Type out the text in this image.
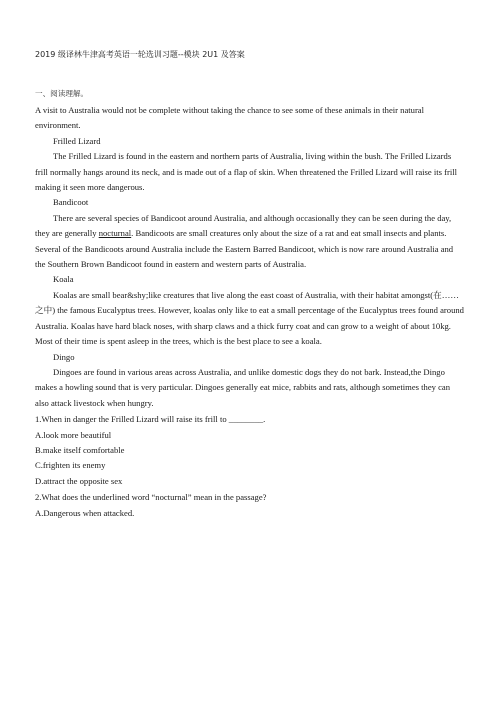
2019 级译林牛津高考英语一轮选训习题--模块 2U1 及答案
一、阅读理解。

A visit to Australia would not be complete without taking the chance to see some of these animals in their natural environment.

Frilled Lizard

The Frilled Lizard is found in the eastern and northern parts of Australia, living within the bush. The Frilled Lizards frill normally hangs around its neck, and is made out of a flap of skin. When threatened the Frilled Lizard will raise its frill making it seen more dangerous.

Bandicoot

There are several species of Bandicoot around Australia, and although occasionally they can be seen during the day, they are generally nocturnal. Bandicoots are small creatures only about the size of a rat and eat small insects and plants. Several of the Bandicoots around Australia include the Eastern Barred Bandicoot, which is now rare around Australia and the Southern Brown Bandicoot found in eastern and western parts of Australia.

Koala

Koalas are small bear&shy;like creatures that live along the east coast of Australia, with their habitat amongst(在……之中) the famous Eucalyptus trees. However, koalas only like to eat a small percentage of the Eucalyptus trees found around Australia. Koalas have hard black noses, with sharp claws and a thick furry coat and can grow to a weight of about 10kg. Most of their time is spent asleep in the trees, which is the best place to see a koala.

Dingo

Dingoes are found in various areas across Australia, and unlike domestic dogs they do not bark. Instead,the Dingo makes a howling sound that is very particular. Dingoes generally eat mice, rabbits and rats, although sometimes they can also attack livestock when hungry.

1.When in danger the Frilled Lizard will raise its frill to ________.

A.look more beautiful

B.make itself comfortable

C.frighten its enemy

D.attract the opposite sex

2.What does the underlined word “nocturnal” mean in the passage?

A.Dangerous when attacked.
